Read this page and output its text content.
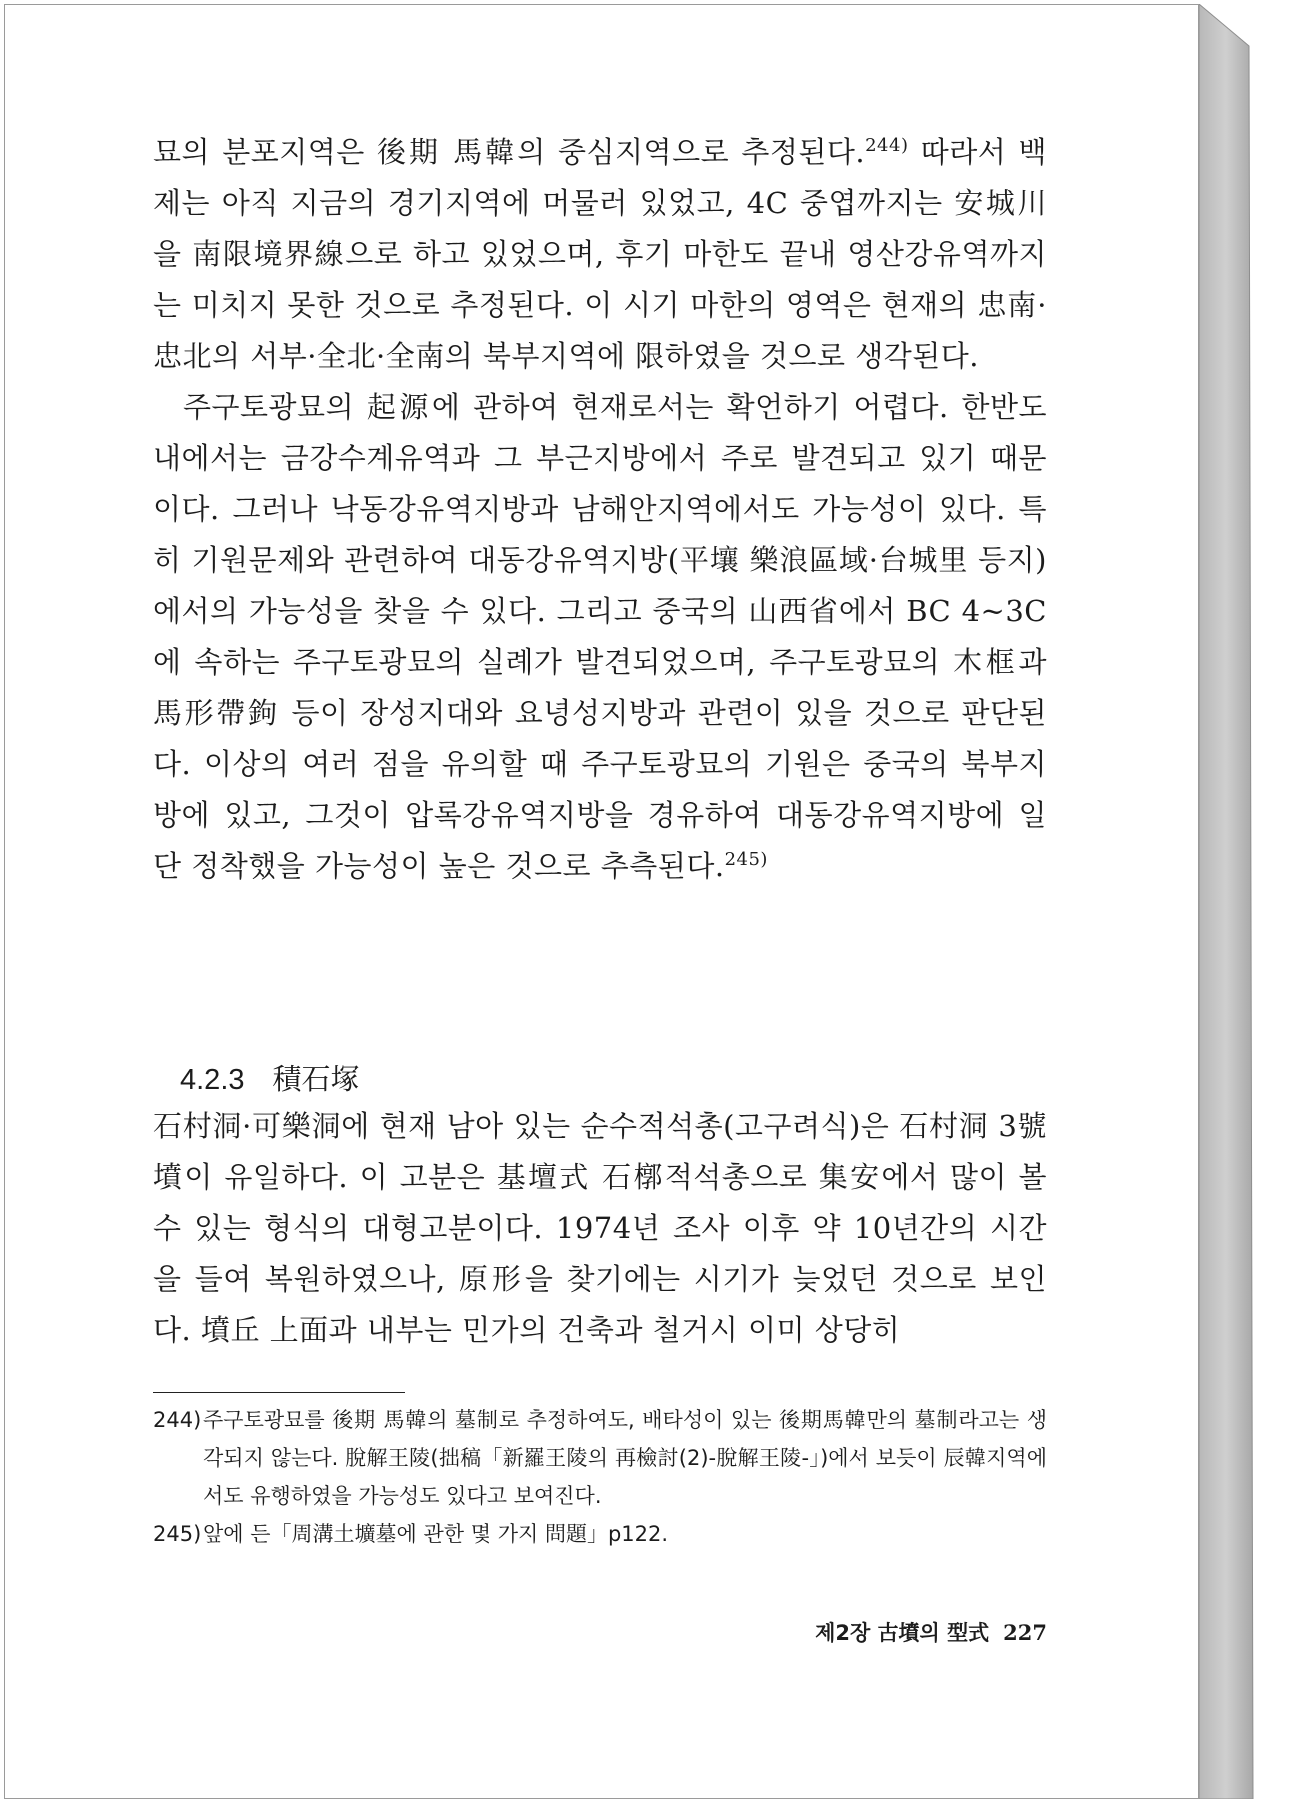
묘의 분포지역은 後期 馬韓의 중심지역으로 추정된다.$^{244)}$ 따라서 백제는 아직 지금의 경기지역에 머물러 있었고, 4C 중엽까지는 安城川을 南限境界線으로 하고 있었으며, 후기 마한도 끝내 영산강유역까지는 미치지 못한 것으로 추정된다. 이 시기 마한의 영역은 현재의 忠南·忠北의 서부·全北·全南의 북부지역에 限하였을 것으로 생각된다.

주구토광묘의 起源에 관하여 현재로서는 확언하기 어렵다. 한반도 내에서는 금강수계유역과 그 부근지방에서 주로 발견되고 있기 때문이다. 그러나 낙동강유역지방과 남해안지역에서도 가능성이 있다. 특히 기원문제와 관련하여 대동강유역지방(平壤 樂浪區域·台城里 등지)에서의 가능성을 찾을 수 있다. 그리고 중국의 山西省에서 BC 4~3C에 속하는 주구토광묘의 실례가 발견되었으며, 주구토광묘의 木框과 馬形帶鉤 등이 장성지대와 요녕성지방과 관련이 있을 것으로 판단된다. 이상의 여러 점을 유의할 때 주구토광묘의 기원은 중국의 북부지방에 있고, 그것이 압록강유역지방을 경유하여 대동강유역지방에 일단 정착했을 가능성이 높은 것으로 추측된다.$^{245)}$

4.2.3 積石塚

石村洞·可樂洞에 현재 남아 있는 순수적석총(고구려식)은 石村洞 3號墳이 유일하다. 이 고분은 基壇式 石槨적석총으로 集安에서 많이 볼 수 있는 형식의 대형고분이다. 1974년 조사 이후 약 10년간의 시간을 들여 복원하였으나, 原形을 찾기에는 시기가 늦었던 것으로 보인다. 墳丘 上面과 내부는 민가의 건축과 철거시 이미 상당히

244) 주구토광묘를 後期 馬韓의 墓制로 추정하여도, 배타성이 있는 後期馬韓만의 墓制라고는 생각되지 않는다. 脫解王陵(拙稿「新羅王陵의 再檢討(2)-脫解王陵-」)에서 보듯이 辰韓지역에서도 유행하였을 가능성도 있다고 보여진다.
245) 앞에 든「周溝土壙墓에 관한 몇 가지 問題」p122.
제2장 古墳의 型式 227
